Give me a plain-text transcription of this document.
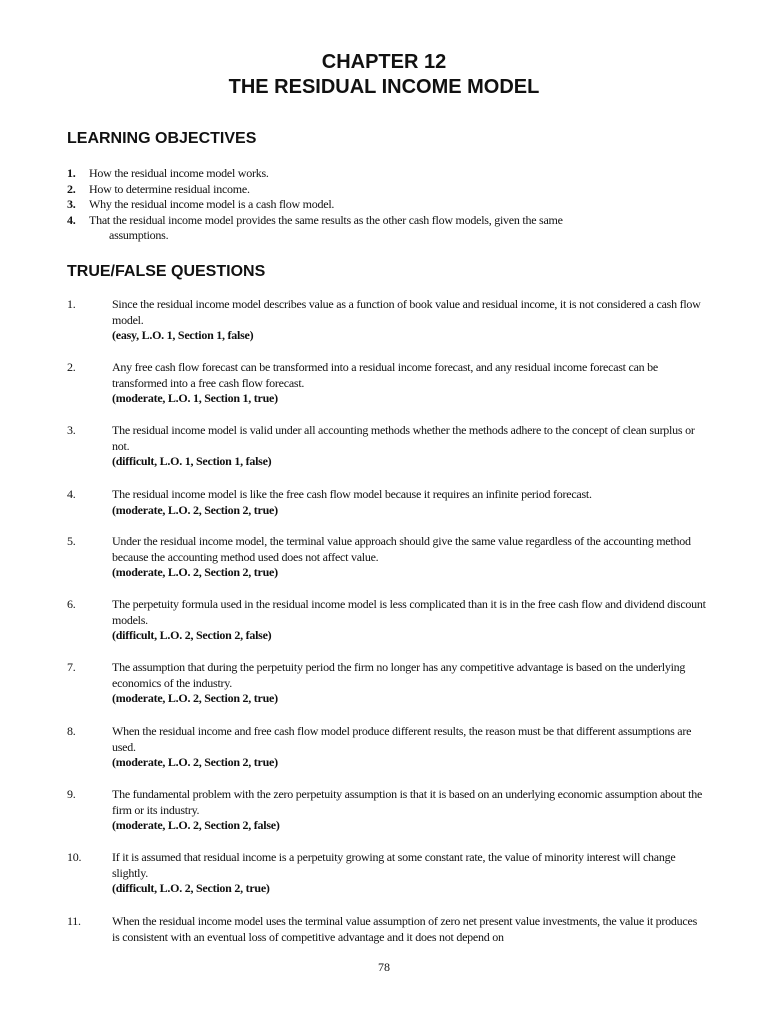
CHAPTER 12
THE RESIDUAL INCOME MODEL
LEARNING OBJECTIVES
1. How the residual income model works.
2. How to determine residual income.
3. Why the residual income model is a cash flow model.
4. That the residual income model provides the same results as the other cash flow models, given the same
assumptions.
TRUE/FALSE QUESTIONS
1.	Since the residual income model describes value as a function of book value and residual income, it is not considered a cash flow model.
(easy, L.O. 1, Section 1, false)
2.	Any free cash flow forecast can be transformed into a residual income forecast, and any residual income forecast can be transformed into a free cash flow forecast.
(moderate, L.O. 1, Section 1, true)
3.	The residual income model is valid under all accounting methods whether the methods adhere to the concept of clean surplus or not.
(difficult, L.O. 1, Section 1, false)
4.	The residual income model is like the free cash flow model because it requires an infinite period forecast.
(moderate, L.O. 2, Section 2, true)
5.	Under the residual income model, the terminal value approach should give the same value regardless of the accounting method because the accounting method used does not affect value.
(moderate, L.O. 2, Section 2, true)
6.	The perpetuity formula used in the residual income model is less complicated than it is in the free cash flow and dividend discount models.
(difficult, L.O. 2, Section 2, false)
7.	The assumption that during the perpetuity period the firm no longer has any competitive advantage is based on the underlying economics of the industry.
(moderate, L.O. 2, Section 2, true)
8.	When the residual income and free cash flow model produce different results, the reason must be that different assumptions are used.
(moderate, L.O. 2, Section 2, true)
9.	The fundamental problem with the zero perpetuity assumption is that it is based on an underlying economic assumption about the firm or its industry.
(moderate, L.O. 2, Section 2, false)
10.	If it is assumed that residual income is a perpetuity growing at some constant rate, the value of minority interest will change slightly.
(difficult, L.O. 2, Section 2, true)
11.	When the residual income model uses the terminal value assumption of zero net present value investments, the value it produces is consistent with an eventual loss of competitive advantage and it does not depend on
78
